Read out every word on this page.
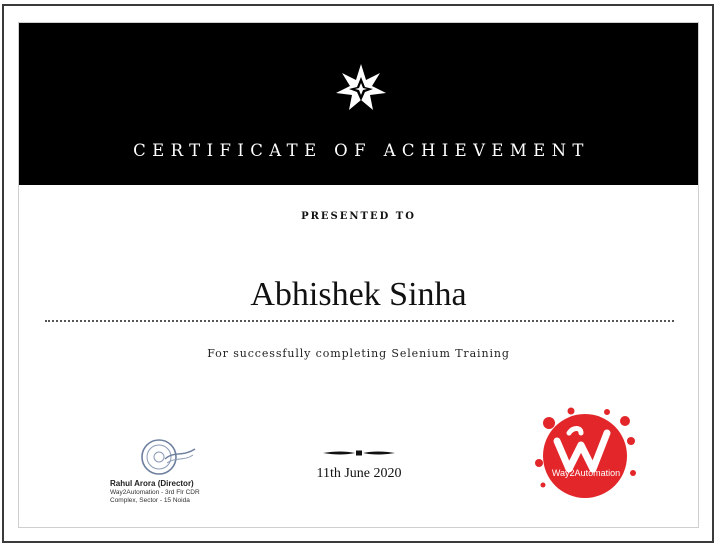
CERTIFICATE OF ACHIEVEMENT
PRESENTED TO
Abhishek Sinha
For successfully completing Selenium Training
Rahul Arora (Director)
Way2Automation - 3rd Flr CDR
Complex, Sector - 15 Noida
11th June 2020	Way2Automation
